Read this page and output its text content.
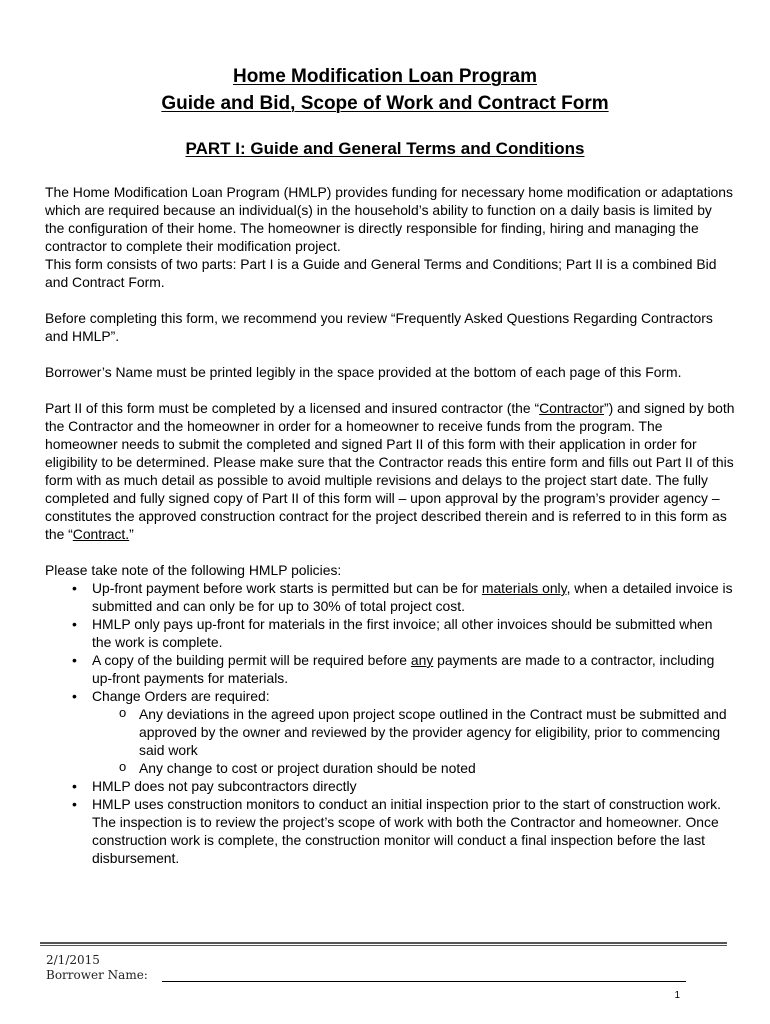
Home Modification Loan Program
Guide and Bid, Scope of Work and Contract Form
PART I: Guide and General Terms and Conditions

The Home Modification Loan Program (HMLP) provides funding for necessary home modification or adaptations which are required because an individual(s) in the household’s ability to function on a daily basis is limited by the configuration of their home. The homeowner is directly responsible for finding, hiring and managing the contractor to complete their modification project.

This form consists of two parts: Part I is a Guide and General Terms and Conditions; Part II is a combined Bid and Contract Form.

Before completing this form, we recommend you review “Frequently Asked Questions Regarding Contractors and HMLP”.

Borrower’s Name must be printed legibly in the space provided at the bottom of each page of this Form.

Part II of this form must be completed by a licensed and insured contractor (the “Contractor”) and signed by both the Contractor and the homeowner in order for a homeowner to receive funds from the program. The homeowner needs to submit the completed and signed Part II of this form with their application in order for eligibility to be determined. Please make sure that the Contractor reads this entire form and fills out Part II of this form with as much detail as possible to avoid multiple revisions and delays to the project start date. The fully completed and fully signed copy of Part II of this form will – upon approval by the program’s provider agency – constitutes the approved construction contract for the project described therein and is referred to in this form as the “Contract.”

Please take note of the following HMLP policies:

• Up-front payment before work starts is permitted but can be for materials only, when a detailed invoice is submitted and can only be for up to 30% of total project cost.
• HMLP only pays up-front for materials in the first invoice; all other invoices should be submitted when the work is complete.
• A copy of the building permit will be required before any payments are made to a contractor, including up-front payments for materials.
• Change Orders are required:
o Any deviations in the agreed upon project scope outlined in the Contract must be submitted and approved by the owner and reviewed by the provider agency for eligibility, prior to commencing said work
o Any change to cost or project duration should be noted
• HMLP does not pay subcontractors directly
• HMLP uses construction monitors to conduct an initial inspection prior to the start of construction work. The inspection is to review the project’s scope of work with both the Contractor and homeowner. Once construction work is complete, the construction monitor will conduct a final inspection before the last disbursement.
2/1/2015
Borrower Name:
1
